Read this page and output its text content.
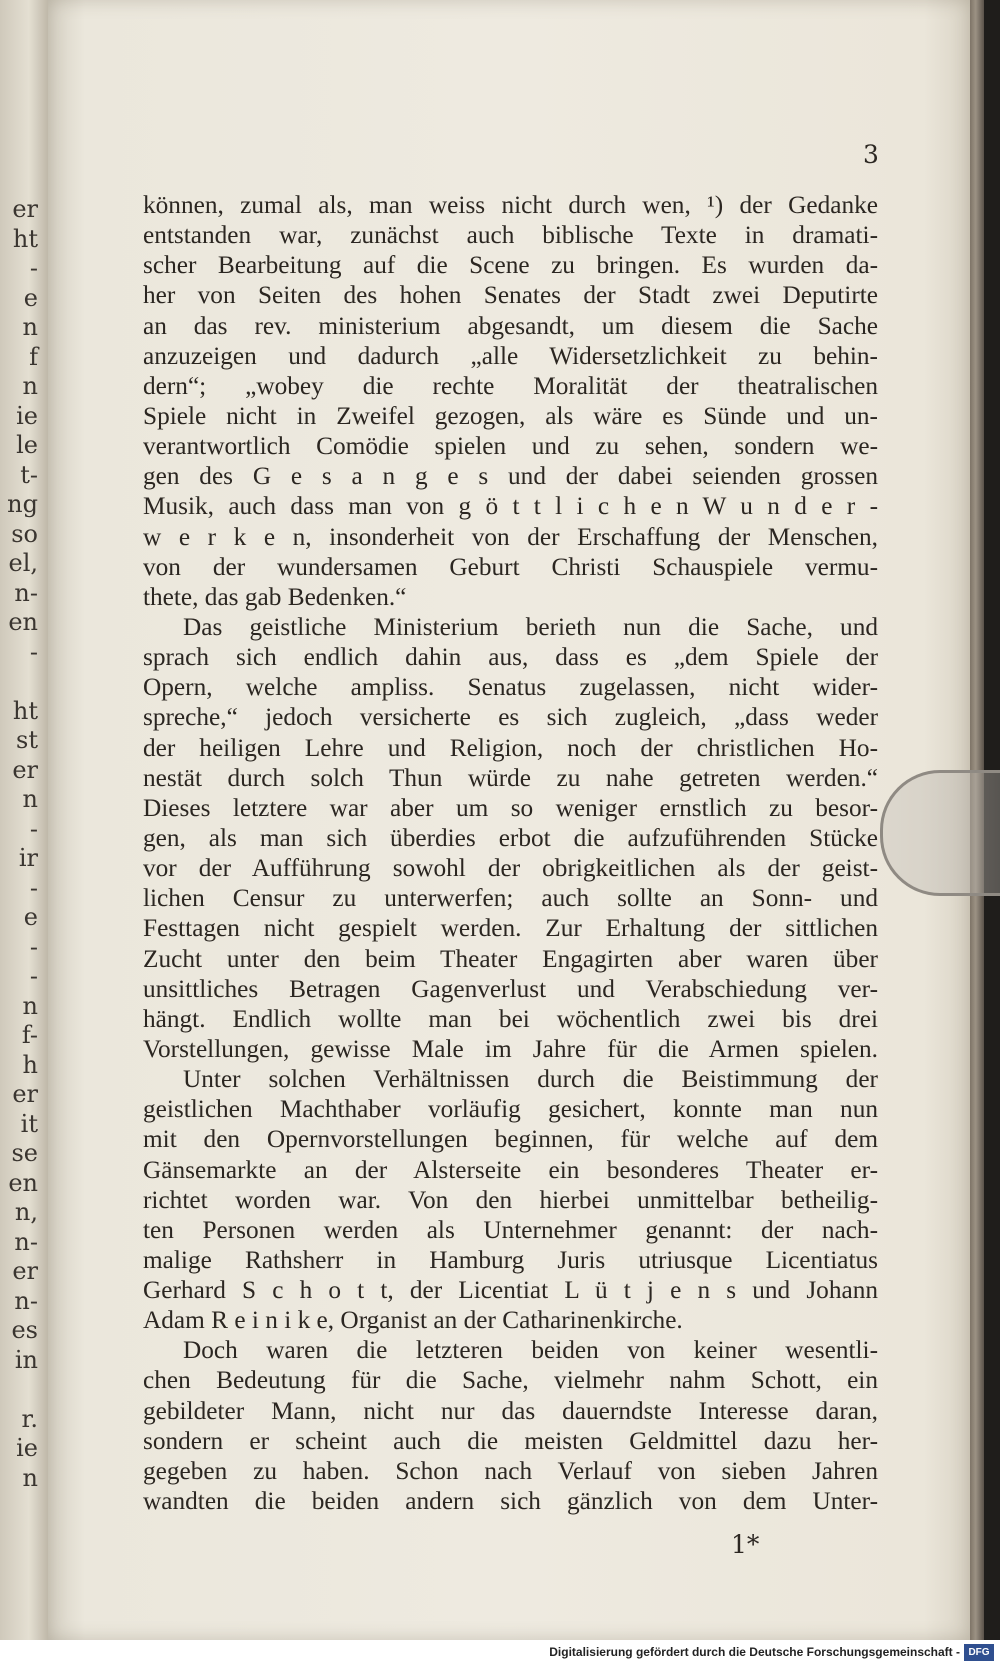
er
ht
-
e
n
f
n
ie
le
t-
ng
so
el,
n-
en
-
ht
st
er
n
-
ir
-
e
-
-
n
f-
h
er
it
se
en
n,
n-
er
n-
es
in
r.
ie
n
3
können, zumal als, man weiss nicht durch wen, ¹) der Gedanke
entstanden war, zunächst auch biblische Texte in dramati-
scher Bearbeitung auf die Scene zu bringen. Es wurden da-
her von Seiten des hohen Senates der Stadt zwei Deputirte
an das rev. ministerium abgesandt, um diesem die Sache
anzuzeigen und dadurch „alle Widersetzlichkeit zu behin-
dern“; „wobey die rechte Moralität der theatralischen
Spiele nicht in Zweifel gezogen, als wäre es Sünde und un-
verantwortlich Comödie spielen und zu sehen, sondern we-
gen des G e s a n g e s und der dabei seienden grossen
Musik, auch dass man von g ö t t l i c h e n W u n d e r -
w e r k e n, insonderheit von der Erschaffung der Menschen,
von der wundersamen Geburt Christi Schauspiele vermu-
thete, das gab Bedenken.“
Das geistliche Ministerium berieth nun die Sache, und
sprach sich endlich dahin aus, dass es „dem Spiele der
Opern, welche ampliss. Senatus zugelassen, nicht wider-
spreche,“ jedoch versicherte es sich zugleich, „dass weder
der heiligen Lehre und Religion, noch der christlichen Ho-
nestät durch solch Thun würde zu nahe getreten werden.“
Dieses letztere war aber um so weniger ernstlich zu besor-
gen, als man sich überdies erbot die aufzuführenden Stücke
vor der Aufführung sowohl der obrigkeitlichen als der geist-
lichen Censur zu unterwerfen; auch sollte an Sonn- und
Festtagen nicht gespielt werden. Zur Erhaltung der sittlichen
Zucht unter den beim Theater Engagirten aber waren über
unsittliches Betragen Gagenverlust und Verabschiedung ver-
hängt. Endlich wollte man bei wöchentlich zwei bis drei
Vorstellungen, gewisse Male im Jahre für die Armen spielen.
Unter solchen Verhältnissen durch die Beistimmung der
geistlichen Machthaber vorläufig gesichert, konnte man nun
mit den Opernvorstellungen beginnen, für welche auf dem
Gänsemarkte an der Alsterseite ein besonderes Theater er-
richtet worden war. Von den hierbei unmittelbar betheilig-
ten Personen werden als Unternehmer genannt: der nach-
malige Rathsherr in Hamburg Juris utriusque Licentiatus
Gerhard S c h o t t, der Licentiat L ü t j e n s und Johann
Adam R e i n i k e, Organist an der Catharinenkirche.
Doch waren die letzteren beiden von keiner wesentli-
chen Bedeutung für die Sache, vielmehr nahm Schott, ein
gebildeter Mann, nicht nur das dauerndste Interesse daran,
sondern er scheint auch die meisten Geldmittel dazu her-
gegeben zu haben. Schon nach Verlauf von sieben Jahren
wandten die beiden andern sich gänzlich von dem Unter-
1*
Digitalisierung gefördert durch die Deutsche Forschungsgemeinschaft - DFG
